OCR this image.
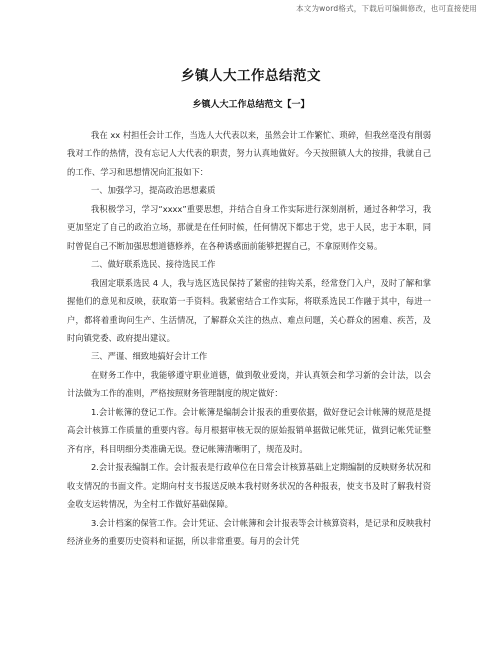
本文为word格式，下载后可编辑修改，也可直接使用
乡镇人大工作总结范文
乡镇人大工作总结范文【一】

我在 xx 村担任会计工作，当选人大代表以来，虽然会计工作繁忙、琐碎，但我丝毫没有削弱我对工作的热情，没有忘记人大代表的职责，努力认真地做好。今天按照镇人大的按排，我就自己的工作、学习和思想情况向汇报如下：

一、加强学习，提高政治思想素质

我积极学习，学习“xxxx”重要思想，并结合自身工作实际进行深刻剖析，通过各种学习，我更加坚定了自己的政治立场，那就是在任何时候，任何情况下都忠于党，忠于人民，忠于本职，同时曾促自己不断加强思想道德修养，在各种诱惑面前能够把握自己，不拿原则作交易。

二、做好联系选民、接待选民工作

我固定联系选民 4 人，我与选区选民保持了紧密的挂钩关系，经常登门入户，及时了解和掌握他们的意见和反映，获取第一手资料。我紧密结合工作实际，将联系选民工作融于其中，每进一户，都将着重询问生产、生活情况，了解群众关注的热点、难点问题，关心群众的困难、疾苦，及时向镇党委、政府提出建议。

三、严谨、细致地搞好会计工作

在财务工作中，我能够遵守职业道德，做到敬业爱岗，并认真领会和学习新的会计法，以会计法做为工作的准则，严格按照财务管理制度的规定做好：

1.会计帐簿的登记工作。会计帐簿是编制会计报表的重要依据，做好登记会计帐簿的规范是提高会计核算工作质量的重要内容。每月根据审核无误的原始报销单据做记帐凭证，做到记帐凭证整齐有序，科目明细分类准确无误。登记帐簿清晰明了，规范及时。

2.会计报表编制工作。会计报表是行政单位在日常会计核算基础上定期编制的反映财务状况和收支情况的书面文件。定期向村支书报送反映本我村财务状况的各种报表，使支书及时了解我村资金收支运转情况，为全村工作做好基础保障。

3.会计档案的保管工作。会计凭证、会计帐簿和会计报表等会计核算资料，是记录和反映我村经济业务的重要历史资料和证据，所以非常重要。每月的会计凭
